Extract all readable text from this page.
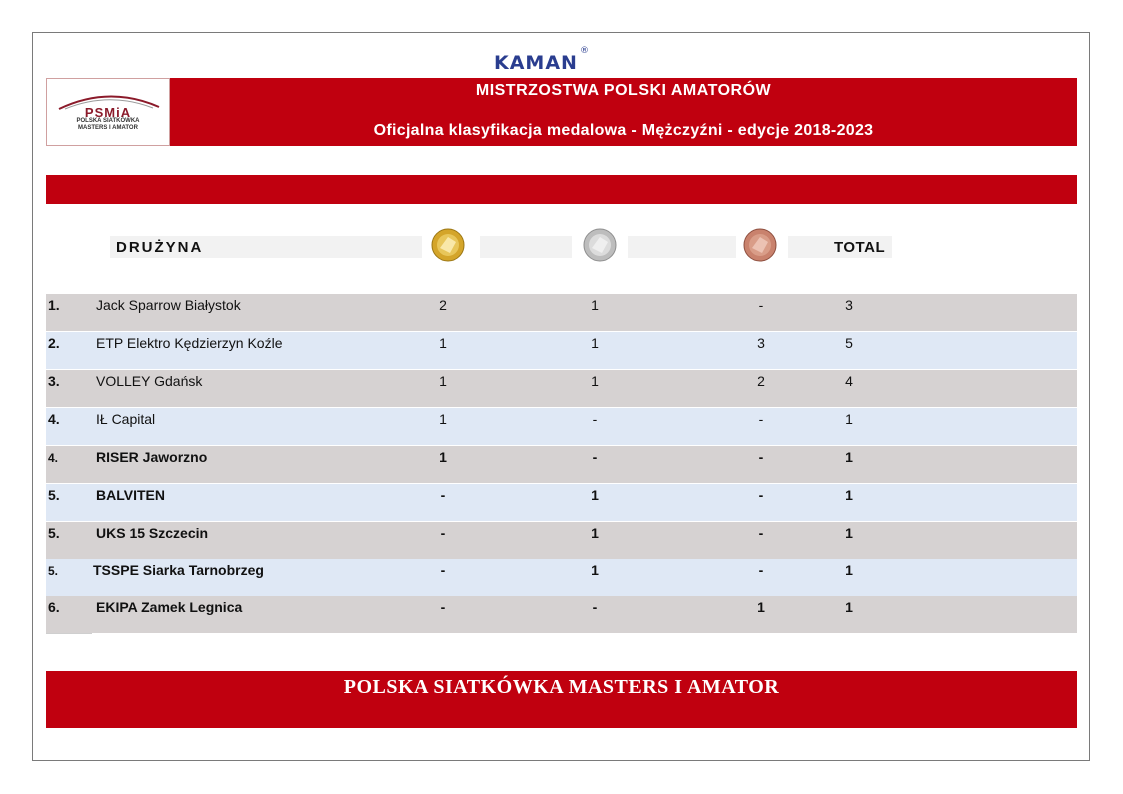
KAMAN
®
PSMiA
POLSKA SIATKÓWKA
MASTERS I AMATOR
MISTRZOSTWA POLSKI AMATORÓW
Oficjalna klasyfikacja medalowa - Mężczyźni - edycje 2018-2023
DRUŻYNA	TOTAL
1.	Jack Sparrow Białystok	2	1	-	3
2.	ETP Elektro Kędzierzyn Koźle	1	1	3	5
3.	VOLLEY Gdańsk	1	1	2	4
4.	IŁ Capital	1	-	-	1
4.	RISER Jaworzno	1	-	-	1
5.	BALVITEN	-	1	-	1
5.	UKS 15 Szczecin	-	1	-	1
5. TSSPE Siarka Tarnobrzeg	-	1	-	1
6.	EKIPA Zamek Legnica	-	-	1	1
POLSKA SIATKÓWKA MASTERS I AMATOR
